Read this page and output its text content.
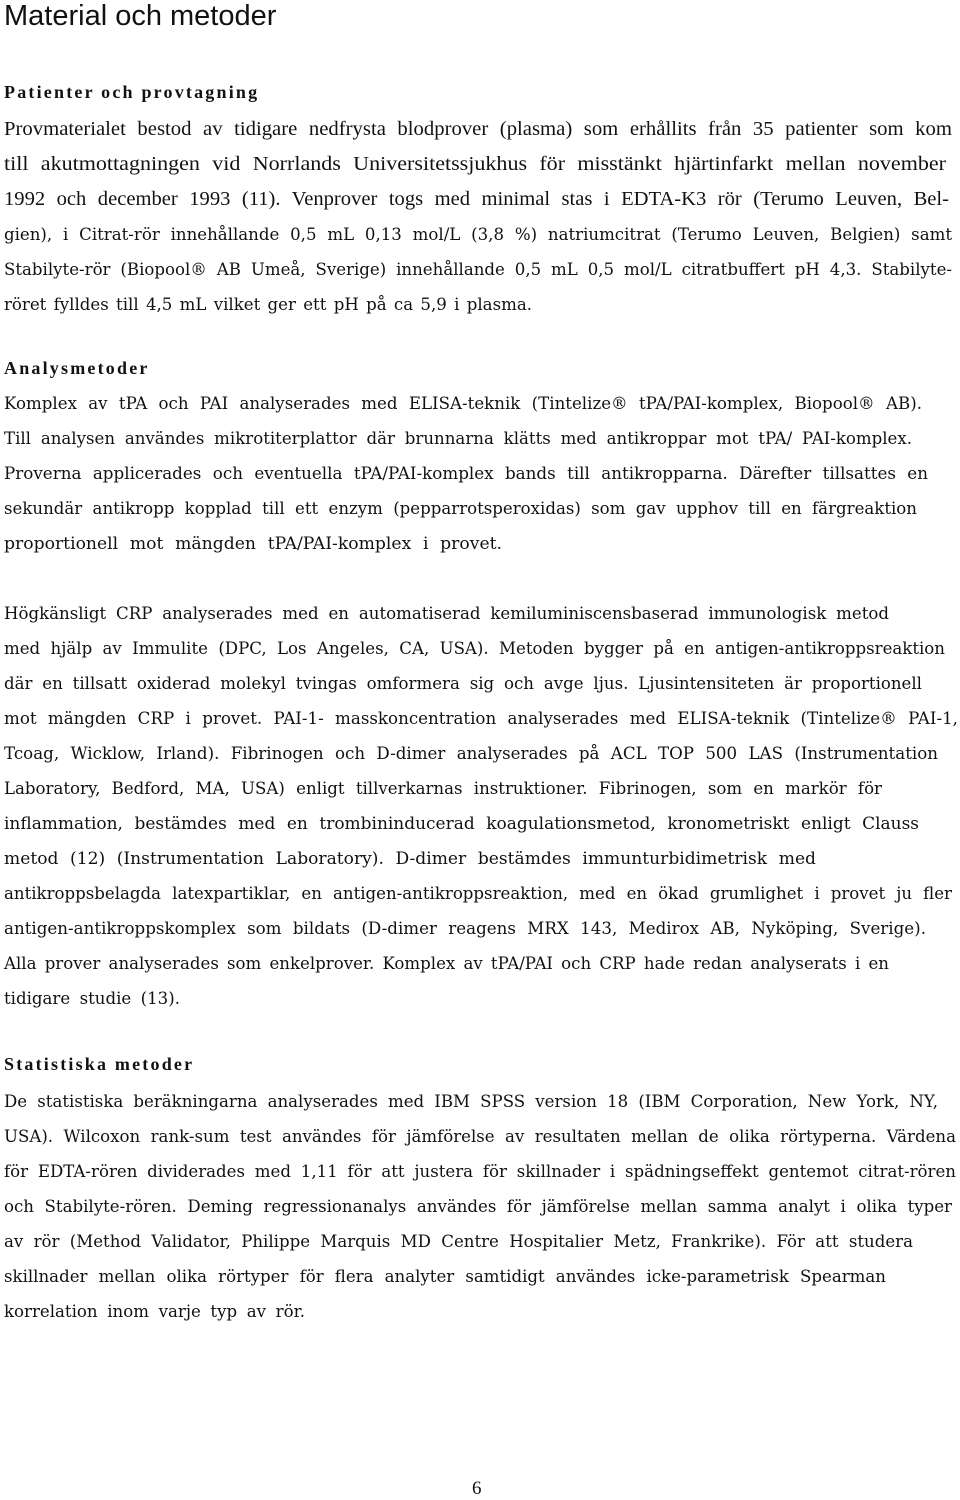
Material och metoder
Patienter och provtagning
Provmaterialet bestod av tidigare nedfrysta blodprover (plasma) som erhållits från 35 patienter som kom
till akutmottagningen vid Norrlands Universitetssjukhus för misstänkt hjärtinfarkt mellan november
1992 och december 1993 (11). Venprover togs med minimal stas i EDTA-K3 rör (Terumo Leuven, Bel-
gien), i Citrat-rör innehållande 0,5 mL 0,13 mol/L (3,8 %) natriumcitrat (Terumo Leuven, Belgien) samt
Stabilyte-rör (Biopool® AB Umeå, Sverige) innehållande 0,5 mL 0,5 mol/L citratbuffert pH 4,3. Stabilyte-
röret fylldes till 4,5 mL vilket ger ett pH på ca 5,9 i plasma.
Analysmetoder
Komplex av tPA och PAI analyserades med ELISA-teknik (Tintelize® tPA/PAI-komplex, Biopool® AB).
Till analysen användes mikrotiterplattor där brunnarna klätts med antikroppar mot tPA/ PAI-komplex.
Proverna applicerades och eventuella tPA/PAI-komplex bands till antikropparna. Därefter tillsattes en
sekundär antikropp kopplad till ett enzym (pepparrotsperoxidas) som gav upphov till en färgreaktion
proportionell mot mängden tPA/PAI-komplex i provet.
Högkänsligt CRP analyserades med en automatiserad kemiluminiscensbaserad immunologisk metod
med hjälp av Immulite (DPC, Los Angeles, CA, USA). Metoden bygger på en antigen-antikroppsreaktion
där en tillsatt oxiderad molekyl tvingas omformera sig och avge ljus. Ljusintensiteten är proportionell
mot mängden CRP i provet. PAI-1- masskoncentration analyserades med ELISA-teknik (Tintelize® PAI-1,
Tcoag, Wicklow, Irland). Fibrinogen och D-dimer analyserades på ACL TOP 500 LAS (Instrumentation
Laboratory, Bedford, MA, USA) enligt tillverkarnas instruktioner. Fibrinogen, som en markör för
inflammation, bestämdes med en trombininducerad koagulationsmetod, kronometriskt enligt Clauss
metod (12) (Instrumentation Laboratory). D-dimer bestämdes immunturbidimetrisk med
antikroppsbelagda latexpartiklar, en antigen-antikroppsreaktion, med en ökad grumlighet i provet ju fler
antigen-antikroppskomplex som bildats (D-dimer reagens MRX 143, Medirox AB, Nyköping, Sverige).
Alla prover analyserades som enkelprover. Komplex av tPA/PAI och CRP hade redan analyserats i en
tidigare studie (13).
Statistiska metoder
De statistiska beräkningarna analyserades med IBM SPSS version 18 (IBM Corporation, New York, NY,
USA). Wilcoxon rank-sum test användes för jämförelse av resultaten mellan de olika rörtyperna. Värdena
för EDTA-rören dividerades med 1,11 för att justera för skillnader i spädningseffekt gentemot citrat-rören
och Stabilyte-rören. Deming regressionanalys användes för jämförelse mellan samma analyt i olika typer
av rör (Method Validator, Philippe Marquis MD Centre Hospitalier Metz, Frankrike). För att studera
skillnader mellan olika rörtyper för flera analyter samtidigt användes icke-parametrisk Spearman
korrelation inom varje typ av rör.
6
